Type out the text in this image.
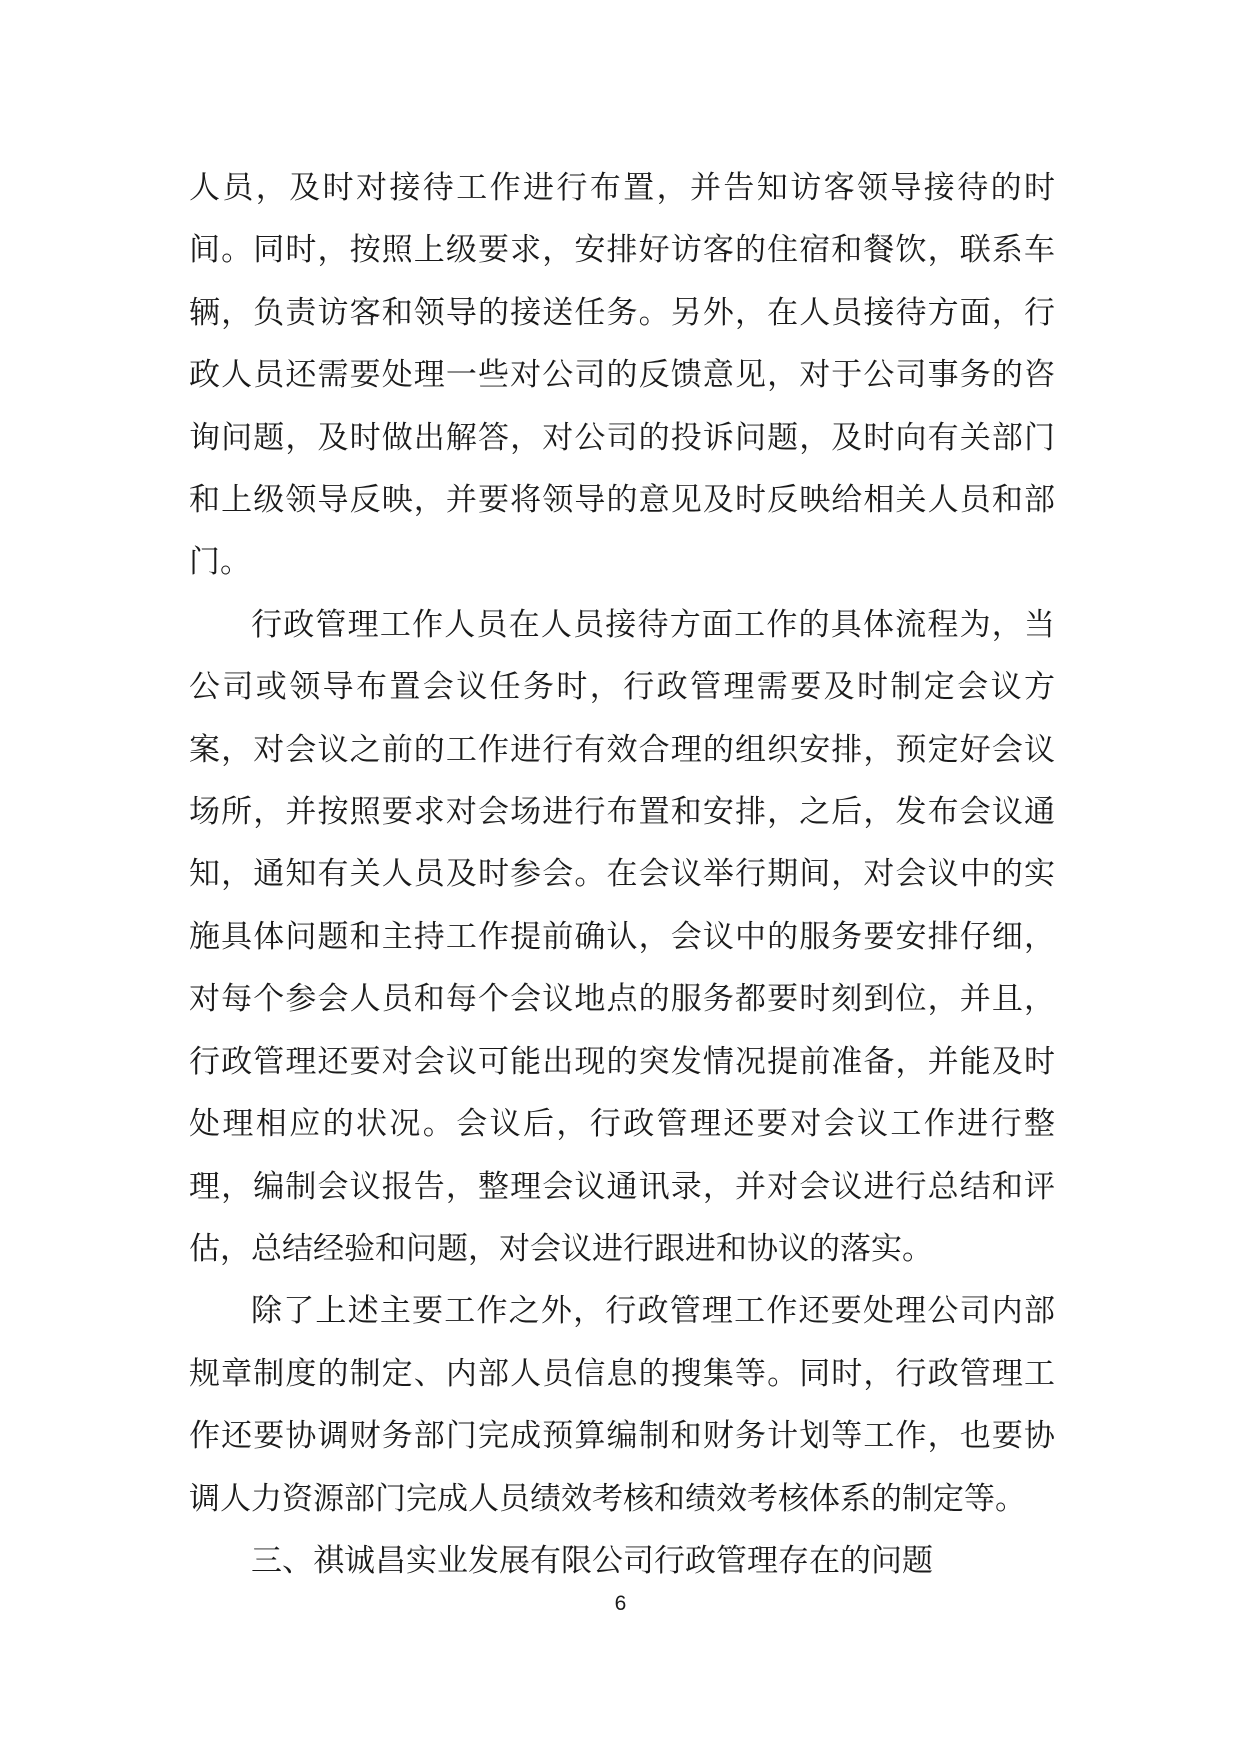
人员，及时对接待工作进行布置，并告知访客领导接待的时间。同时，按照上级要求，安排好访客的住宿和餐饮，联系车辆，负责访客和领导的接送任务。另外，在人员接待方面，行政人员还需要处理一些对公司的反馈意见，对于公司事务的咨询问题，及时做出解答，对公司的投诉问题，及时向有关部门和上级领导反映，并要将领导的意见及时反映给相关人员和部门。

行政管理工作人员在人员接待方面工作的具体流程为，当公司或领导布置会议任务时，行政管理需要及时制定会议方案，对会议之前的工作进行有效合理的组织安排，预定好会议场所，并按照要求对会场进行布置和安排，之后，发布会议通知，通知有关人员及时参会。在会议举行期间，对会议中的实施具体问题和主持工作提前确认，会议中的服务要安排仔细，对每个参会人员和每个会议地点的服务都要时刻到位，并且，行政管理还要对会议可能出现的突发情况提前准备，并能及时处理相应的状况。会议后，行政管理还要对会议工作进行整理，编制会议报告，整理会议通讯录，并对会议进行总结和评估，总结经验和问题，对会议进行跟进和协议的落实。

除了上述主要工作之外，行政管理工作还要处理公司内部规章制度的制定、内部人员信息的搜集等。同时，行政管理工作还要协调财务部门完成预算编制和财务计划等工作，也要协调人力资源部门完成人员绩效考核和绩效考核体系的制定等。

三、祺诚昌实业发展有限公司行政管理存在的问题

6
